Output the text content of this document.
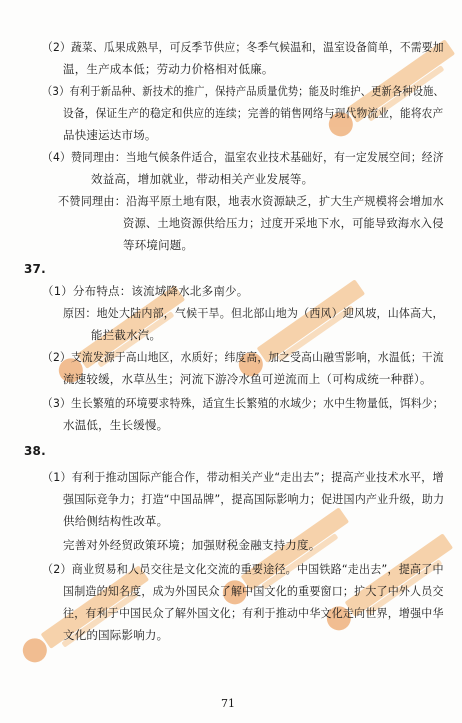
（2）蔬菜、瓜果成熟早，可反季节供应；冬季气候温和，温室设备简单，不需要加
温，生产成本低；劳动力价格相对低廉。
（3）有利于新品种、新技术的推广，保持产品质量优势；能及时维护、更新各种设施、
设备，保证生产的稳定和供应的连续；完善的销售网络与现代物流业，能将农产
品快速运达市场。
（4）赞同理由：当地气候条件适合，温室农业技术基础好，有一定发展空间；经济
效益高，增加就业，带动相关产业发展等。
不赞同理由：沿海平原土地有限，地表水资源缺乏，扩大生产规模将会增加水
资源、土地资源供给压力；过度开采地下水，可能导致海水入侵
等环境问题。
37.
（1）分布特点：该流域降水北多南少。
原因：地处大陆内部，气候干旱。但北部山地为（西风）迎风坡，山体高大，
能拦截水汽。
（2）支流发源于高山地区，水质好；纬度高，加之受高山融雪影响，水温低；干流
流速较缓，水草丛生；河流下游冷水鱼可逆流而上（可构成统一种群）。
（3）生长繁殖的环境要求特殊，适宜生长繁殖的水域少；水中生物量低，饵料少；
水温低，生长缓慢。
38.
（1）有利于推动国际产能合作，带动相关产业“走出去”；提高产业技术水平，增
强国际竞争力；打造“中国品牌”，提高国际影响力；促进国内产业升级，助力
供给侧结构性改革。
完善对外经贸政策环境；加强财税金融支持力度。
（2）商业贸易和人员交往是文化交流的重要途径。中国铁路“走出去”，提高了中
国制造的知名度，成为外国民众了解中国文化的重要窗口；扩大了中外人员交
往，有利于中国民众了解外国文化；有利于推动中华文化走向世界，增强中华
文化的国际影响力。
71
